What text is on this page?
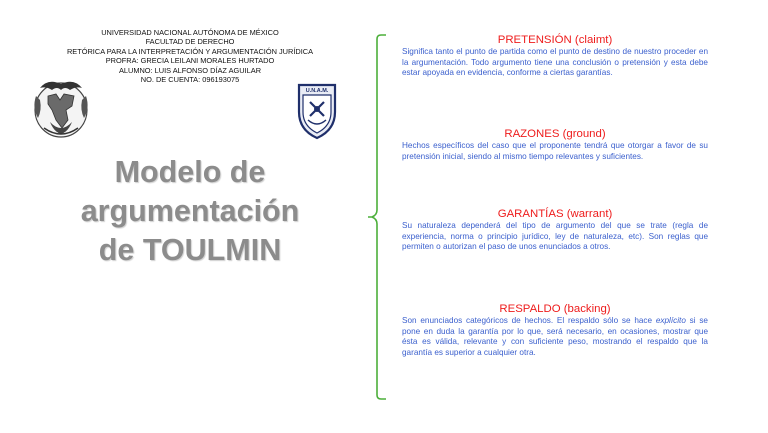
UNIVERSIDAD NACIONAL AUTÓNOMA DE MÉXICO
FACULTAD DE DERECHO
RETÓRICA PARA LA INTERPRETACIÓN Y ARGUMENTACIÓN JURÍDICA
PROFRA: GRECIA LEILANI MORALES HURTADO
ALUMNO: LUIS ALFONSO DÍAZ AGUILAR
NO. DE CUENTA: 096193075
U.N.A.M.
Modelo de
argumentación
de TOULMIN
PRETENSIÓN (claimt)
Significa tanto el punto de partida como el punto de destino de nuestro proceder en la argumentación. Todo argumento tiene una conclusión o pretensión y esta debe estar apoyada en evidencia, conforme a ciertas garantías.
RAZONES (ground)
Hechos específicos del caso que el proponente tendrá que otorgar a favor de su pretensión inicial, siendo al mismo tiempo relevantes y suficientes.
GARANTÍAS (warrant)
Su naturaleza dependerá del tipo de argumento del que se trate (regla de experiencia, norma o principio jurídico, ley de naturaleza, etc). Son reglas que permiten o autorizan el paso de unos enunciados a otros.
RESPALDO (backing)
Son enunciados categóricos de hechos. El respaldo sólo se hace explícito si se pone en duda la garantía por lo que, será necesario, en ocasiones, mostrar que ésta es válida, relevante y con suficiente peso, mostrando el respaldo que la garantía es superior a cualquier otra.
